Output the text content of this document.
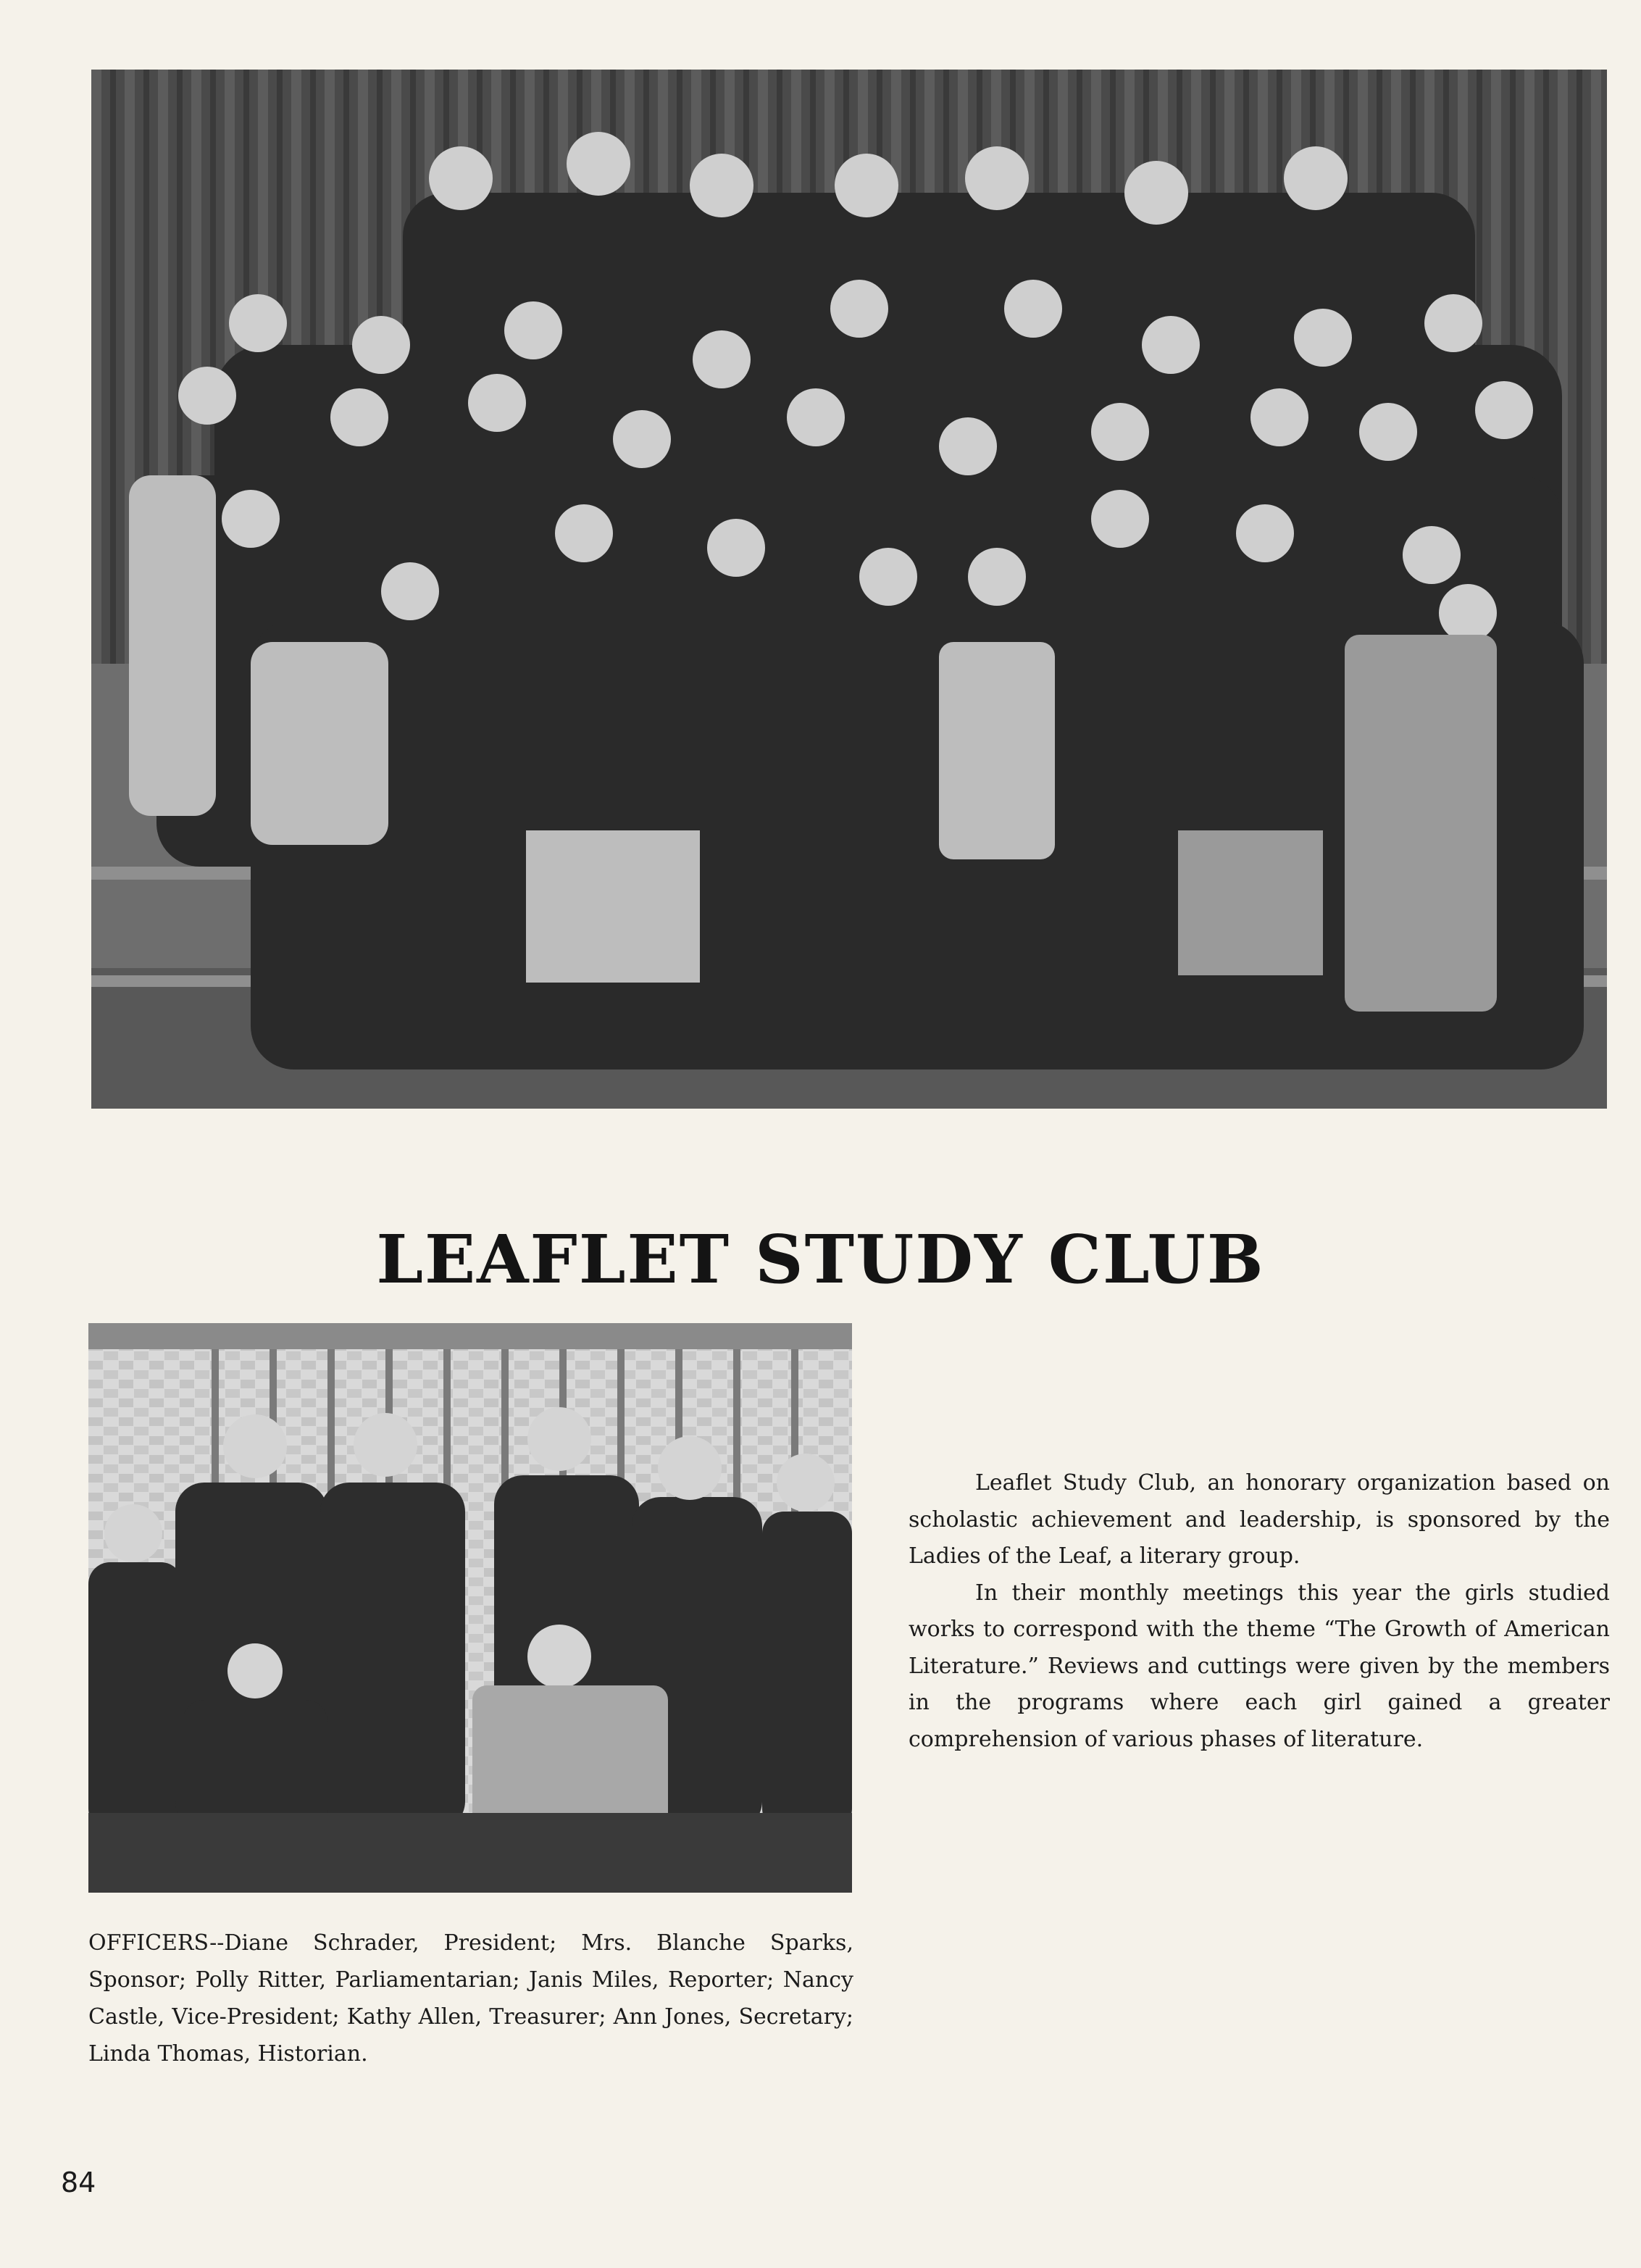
LEAFLET STUDY CLUB

Leaflet Study Club, an honorary organization based on scholastic achievement and leadership, is sponsored by the Ladies of the Leaf, a literary group.

In their monthly meetings this year the girls studied works to correspond with the theme “The Growth of American Literature.” Reviews and cuttings were given by the members in the programs where each girl gained a greater comprehension of various phases of literature.

OFFICERS--Diane Schrader, President; Mrs. Blanche Sparks, Sponsor; Polly Ritter, Parliamentarian; Janis Miles, Reporter; Nancy Castle, Vice-President; Kathy Allen, Treasurer; Ann Jones, Secretary; Linda Thomas, Historian.
84
